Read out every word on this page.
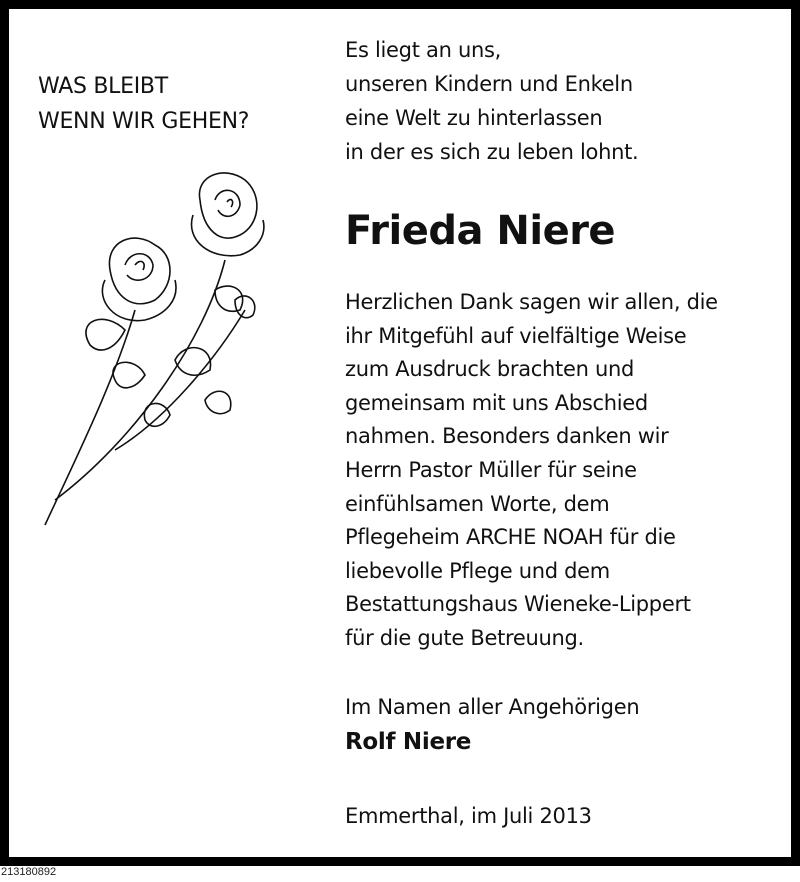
WAS BLEIBT
WENN WIR GEHEN?
Es liegt an uns,
unseren Kindern und Enkeln
eine Welt zu hinterlassen
in der es sich zu leben lohnt.
Frieda Niere
Herzlichen Dank sagen wir allen, die
ihr Mitgefühl auf vielfältige Weise
zum Ausdruck brachten und
gemeinsam mit uns Abschied
nahmen. Besonders danken wir
Herrn Pastor Müller für seine
einfühlsamen Worte, dem
Pflegeheim ARCHE NOAH für die
liebevolle Pflege und dem
Bestattungshaus Wieneke-Lippert
für die gute Betreuung.
Im Namen aller Angehörigen
Rolf Niere
Emmerthal, im Juli 2013
213180892
